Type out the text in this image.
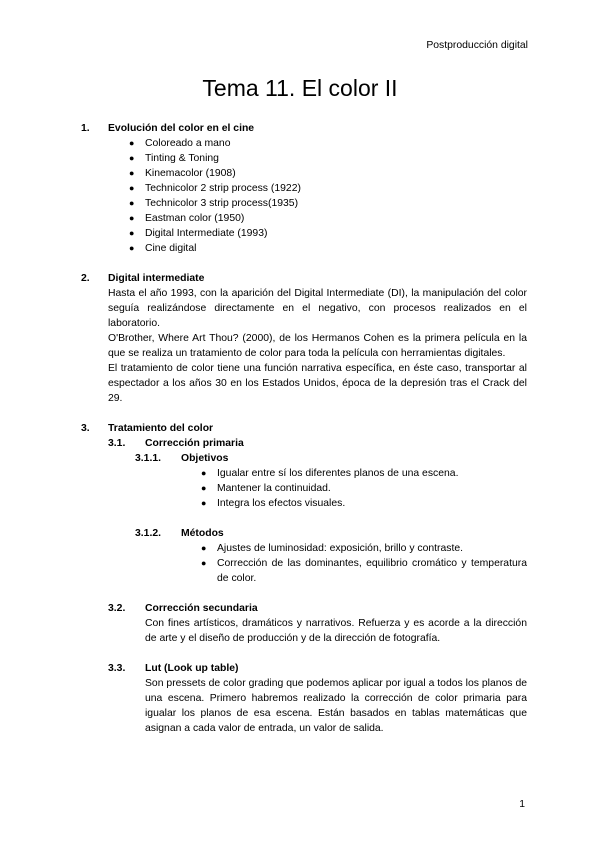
Postproducción digital
Tema 11. El color II
1. Evolución del color en el cine
● Coloreado a mano
● Tinting & Toning
● Kinemacolor (1908)
● Technicolor 2 strip process (1922)
● Technicolor 3 strip process(1935)
● Eastman color (1950)
● Digital Intermediate (1993)
● Cine digital
2. Digital intermediate

Hasta el año 1993, con la aparición del Digital Intermediate (DI), la manipulación del color seguía realizándose directamente en el negativo, con procesos realizados en el laboratorio.

O'Brother, Where Art Thou? (2000), de los Hermanos Cohen es la primera película en la que se realiza un tratamiento de color para toda la película con herramientas digitales.

El tratamiento de color tiene una función narrativa específica, en éste caso, transportar al espectador a los años 30 en los Estados Unidos, época de la depresión tras el Crack del 29.

3. Tratamiento del color
3.1. Corrección primaria
3.1.1. Objetivos
● Igualar entre sí los diferentes planos de una escena.
● Mantener la continuidad.
● Integra los efectos visuales.
3.1.2. Métodos
● Ajustes de luminosidad: exposición, brillo y contraste.
● Corrección de las dominantes, equilibrio cromático y temperatura de color.
3.2. Corrección secundaria

Con fines artísticos, dramáticos y narrativos. Refuerza y es acorde a la dirección de arte y el diseño de producción y de la dirección de fotografía.

3.3. Lut (Look up table)

Son pressets de color grading que podemos aplicar por igual a todos los planos de una escena. Primero habremos realizado la corrección de color primaria para igualar los planos de esa escena. Están basados en tablas matemáticas que asignan a cada valor de entrada, un valor de salida.

1
